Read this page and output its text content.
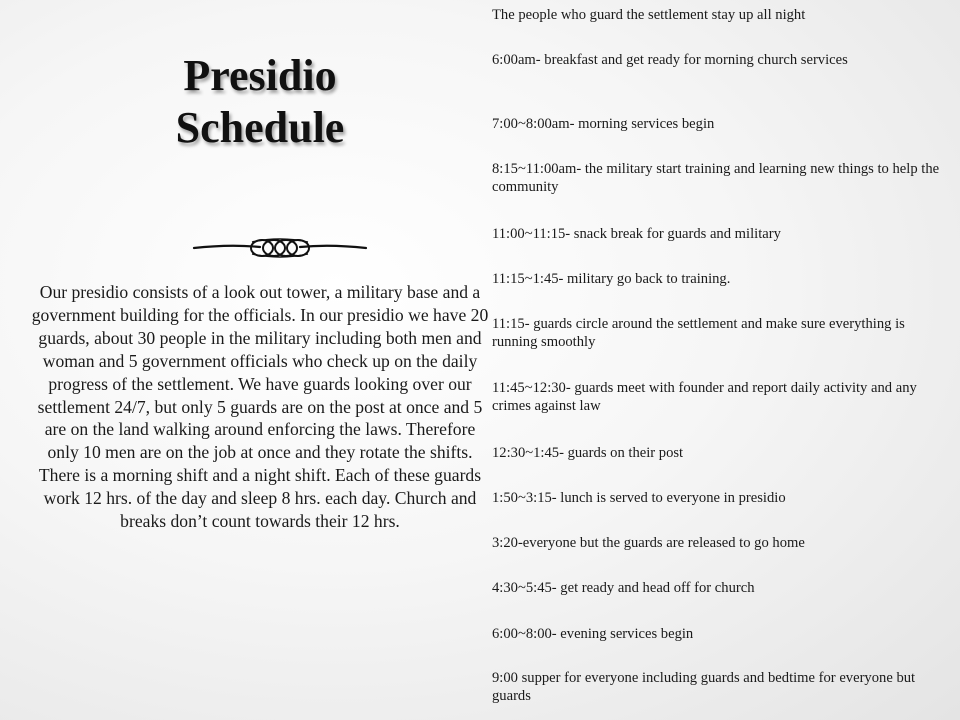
Presidio
Schedule

Our presidio consists of a look out tower, a military base and a government building for the officials. In our presidio we have 20 guards, about 30 people in the military including both men and woman and 5 government officials who check up on the daily progress of the settlement. We have guards looking over our settlement 24/7, but only 5 guards are on the post at once and 5 are on the land walking around enforcing the laws. Therefore only 10 men are on the job at once and they rotate the shifts. There is a morning shift and a night shift. Each of these guards work 12 hrs. of the day and sleep 8 hrs. each day. Church and breaks don’t count towards their 12 hrs.

The people who guard the settlement stay up all night
6:00am- breakfast and get ready for morning church services
7:00~8:00am- morning services begin
8:15~11:00am- the military start training and learning new things to help the community
11:00~11:15- snack break for guards and military
11:15~1:45- military go back to training.
11:15- guards circle around the settlement and make sure everything is running smoothly
11:45~12:30- guards meet with founder and report daily activity and any crimes against law
12:30~1:45- guards on their post
1:50~3:15- lunch is served to everyone in presidio
3:20-everyone but the guards are released to go home
4:30~5:45- get ready and head off for church
6:00~8:00- evening services begin
9:00 supper for everyone including guards and bedtime for everyone but guards
